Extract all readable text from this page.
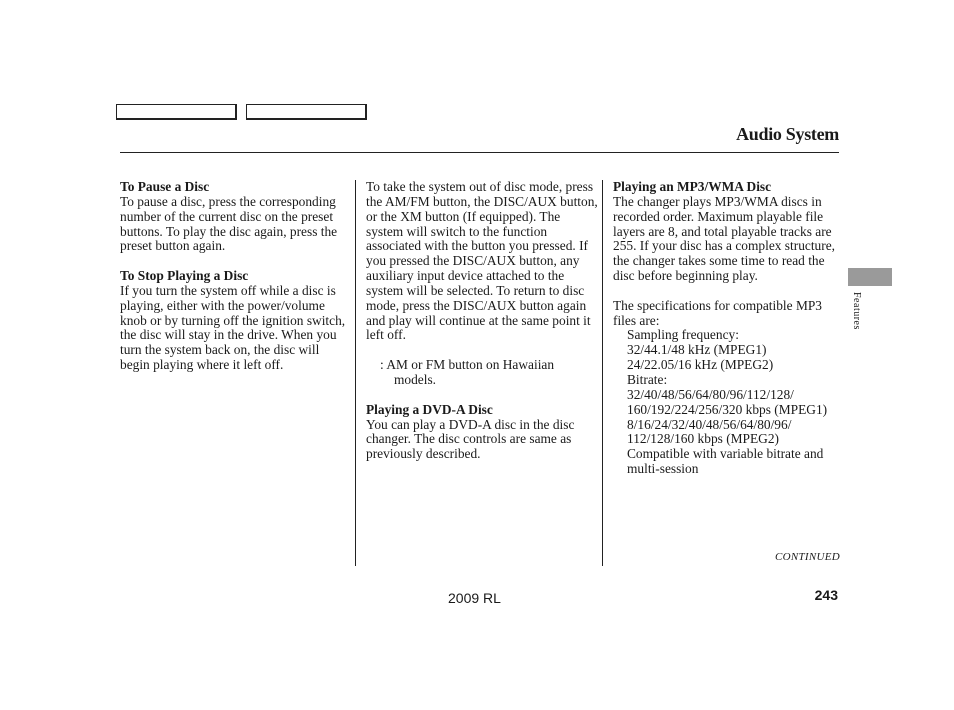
Audio System
To Pause a Disc

To pause a disc, press the corresponding number of the current disc on the preset buttons. To play the disc again, press the preset button again.

To Stop Playing a Disc

If you turn the system off while a disc is playing, either with the power/volume knob or by turning off the ignition switch, the disc will stay in the drive. When you turn the system back on, the disc will begin playing where it left off.

To take the system out of disc mode, press the AM/FM button, the DISC/AUX button, or the XM button (If equipped). The system will switch to the function associated with the button you pressed. If you pressed the DISC/AUX button, any auxiliary input device attached to the system will be selected. To return to disc mode, press the DISC/AUX button again and play will continue at the same point it left off.

: AM or FM button on Hawaiian models.

Playing a DVD-A Disc

You can play a DVD-A disc in the disc changer. The disc controls are same as previously described.

Playing an MP3/WMA Disc

The changer plays MP3/WMA discs in recorded order. Maximum playable file layers are 8, and total playable tracks are 255. If your disc has a complex structure, the changer takes some time to read the disc before beginning play.

The specifications for compatible MP3 files are:

Sampling frequency:
32/44.1/48 kHz (MPEG1)
24/22.05/16 kHz (MPEG2)
Bitrate:
32/40/48/56/64/80/96/112/128/ 160/192/224/256/320 kbps (MPEG1)
8/16/24/32/40/48/56/64/80/96/ 112/128/160 kbps (MPEG2)
Compatible with variable bitrate and multi-session
Features
CONTINUED
2009 RL	243
